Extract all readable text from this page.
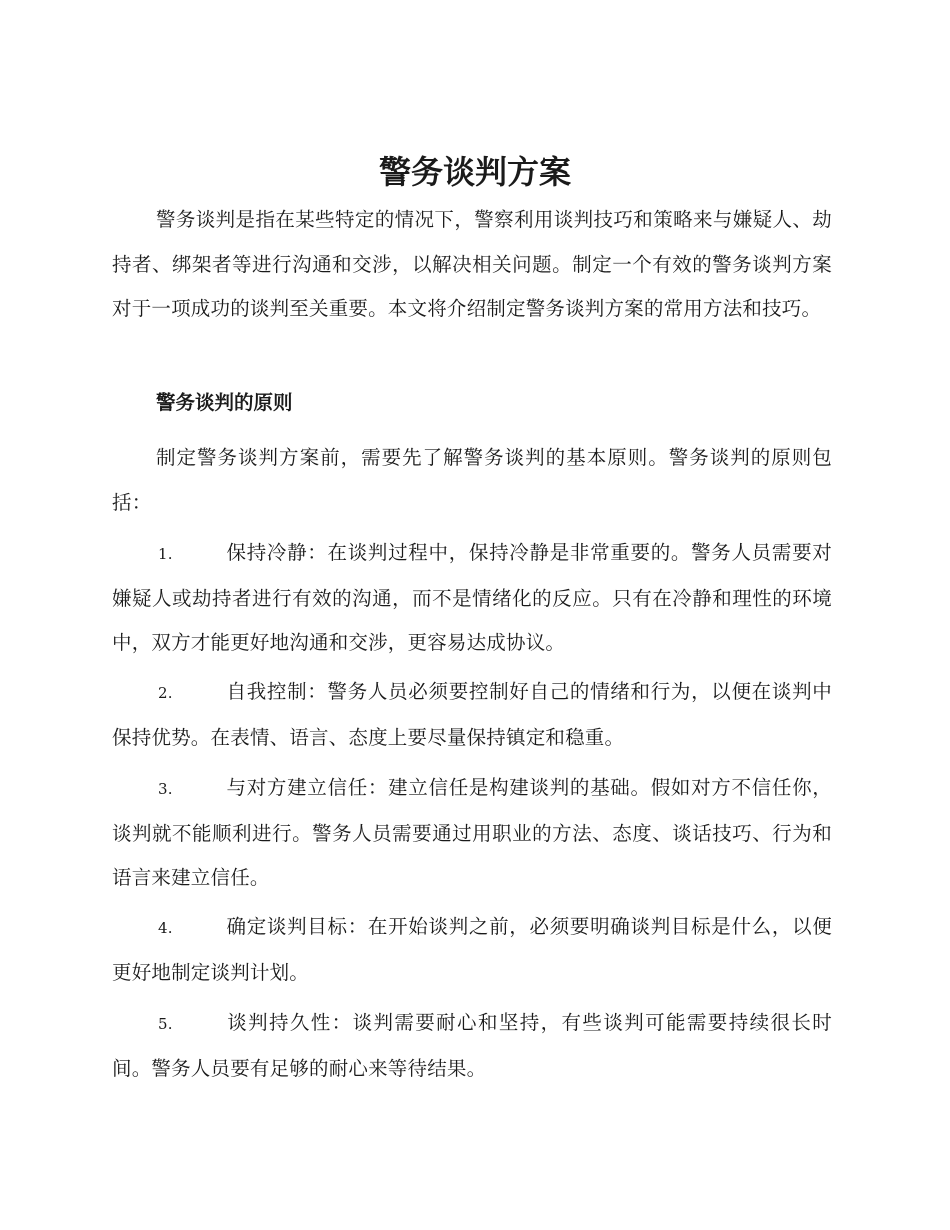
警务谈判方案

警务谈判是指在某些特定的情况下，警察利用谈判技巧和策略来与嫌疑人、劫持者、绑架者等进行沟通和交涉，以解决相关问题。制定一个有效的警务谈判方案对于一项成功的谈判至关重要。本文将介绍制定警务谈判方案的常用方法和技巧。

警务谈判的原则

制定警务谈判方案前，需要先了解警务谈判的基本原则。警务谈判的原则包括：

1.	保持冷静：在谈判过程中，保持冷静是非常重要的。警务人员需要对嫌疑人或劫持者进行有效的沟通，而不是情绪化的反应。只有在冷静和理性的环境中，双方才能更好地沟通和交涉，更容易达成协议。

2.	自我控制：警务人员必须要控制好自己的情绪和行为，以便在谈判中保持优势。在表情、语言、态度上要尽量保持镇定和稳重。

3.	与对方建立信任：建立信任是构建谈判的基础。假如对方不信任你，谈判就不能顺利进行。警务人员需要通过用职业的方法、态度、谈话技巧、行为和语言来建立信任。

4.	确定谈判目标：在开始谈判之前，必须要明确谈判目标是什么，以便更好地制定谈判计划。

5.	谈判持久性：谈判需要耐心和坚持，有些谈判可能需要持续很长时间。警务人员要有足够的耐心来等待结果。
